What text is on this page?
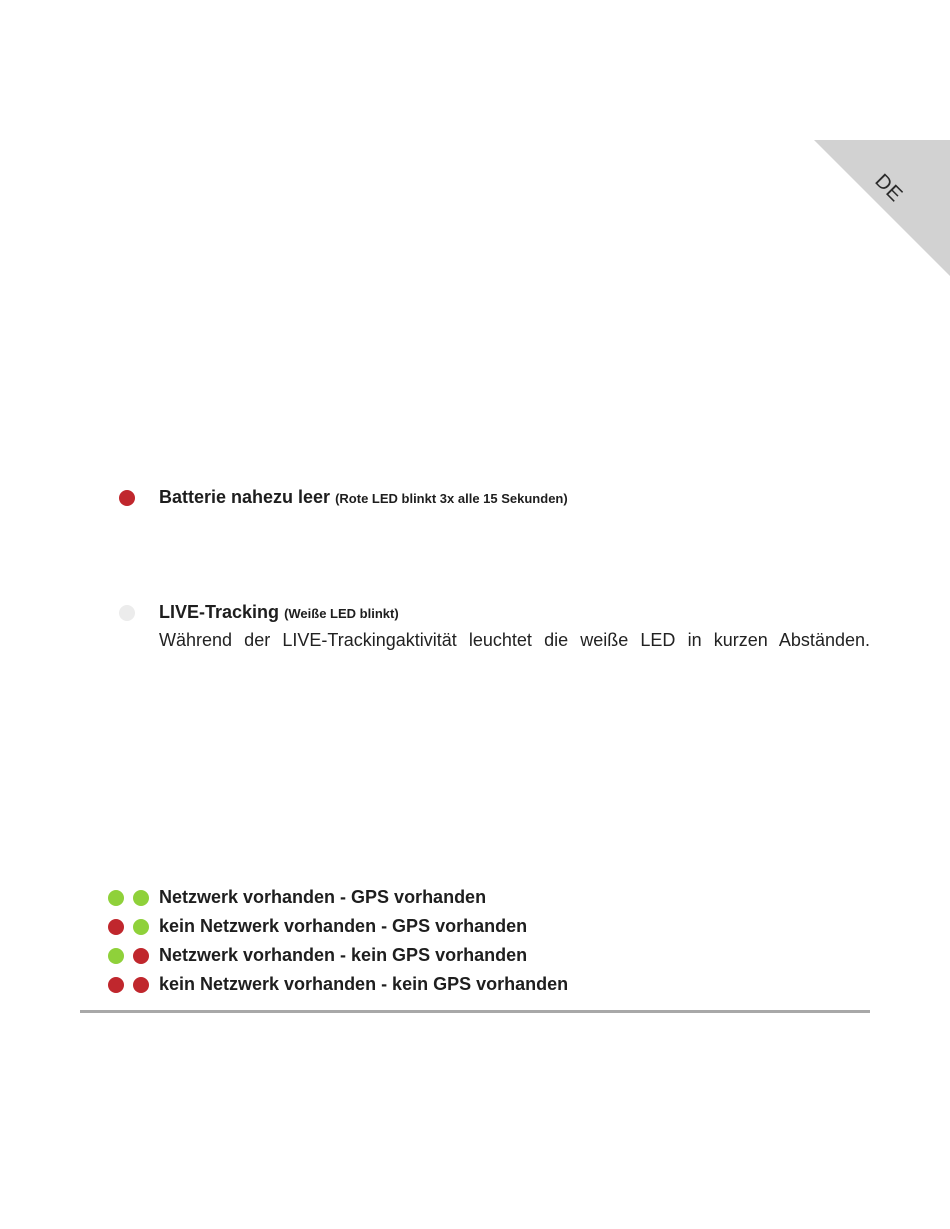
DE
Batterie nahezu leer (Rote LED blinkt 3x alle 15 Sekunden)
LIVE-Tracking (Weiße LED blinkt)
Während der LIVE-Trackingaktivität leuchtet die weiße LED in kurzen Abständen.
Netzwerk vorhanden - GPS vorhanden
kein Netzwerk vorhanden - GPS vorhanden
Netzwerk vorhanden - kein GPS vorhanden
kein Netzwerk vorhanden - kein GPS vorhanden
